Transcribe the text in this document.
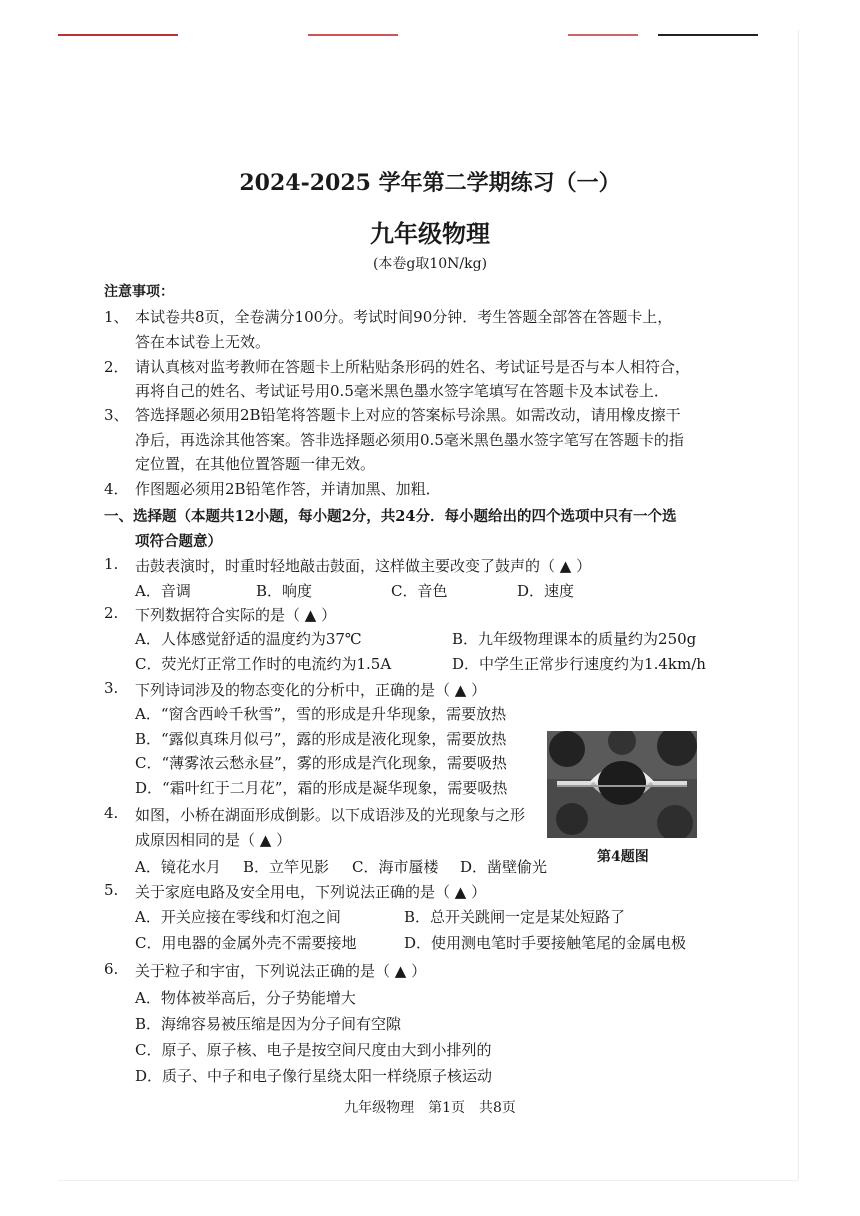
2024-2025 学年第二学期练习（一）
九年级物理
(本卷g取10N/kg)
注意事项：
1、 本试卷共8页，全卷满分100分。考试时间90分钟．考生答题全部答在答题卡上，
答在本试卷上无效。
2． 请认真核对监考教师在答题卡上所粘贴条形码的姓名、考试证号是否与本人相符合，
再将自己的姓名、考试证号用0.5毫米黑色墨水签字笔填写在答题卡及本试卷上．
3、 答选择题必须用2B铅笔将答题卡上对应的答案标号涂黑。如需改动，请用橡皮擦干
净后，再选涂其他答案。答非选择题必须用0.5毫米黑色墨水签字笔写在答题卡的指
定位置，在其他位置答题一律无效。
4． 作图题必须用2B铅笔作答，并请加黑、加粗．
一、选择题（本题共12小题，每小题2分，共24分．每小题给出的四个选项中只有一个选
项符合题意）
1. 击鼓表演时，时重时轻地敲击鼓面，这样做主要改变了鼓声的（ ▲ ）
A．音调	B．响度	C．音色	D．速度
2. 下列数据符合实际的是（ ▲ ）
A．人体感觉舒适的温度约为37℃	B．九年级物理课本的质量约为250g
C．荧光灯正常工作时的电流约为1.5A	D．中学生正常步行速度约为1.4km/h
3. 下列诗词涉及的物态变化的分析中，正确的是（ ▲ ）
A．“窗含西岭千秋雪”，雪的形成是升华现象，需要放热
B．“露似真珠月似弓”，露的形成是液化现象，需要放热
C．“薄雾浓云愁永昼”，雾的形成是汽化现象，需要吸热
D．“霜叶红于二月花”，霜的形成是凝华现象，需要吸热
4. 如图，小桥在湖面形成倒影。以下成语涉及的光现象与之形
成原因相同的是（ ▲ ）
A．镜花水月 B．立竿见影 C．海市蜃楼 D．凿壁偷光
第4题图
5. 关于家庭电路及安全用电，下列说法正确的是（ ▲ ）
A．开关应接在零线和灯泡之间	B．总开关跳闸一定是某处短路了
C．用电器的金属外壳不需要接地	D．使用测电笔时手要接触笔尾的金属电极
6. 关于粒子和宇宙，下列说法正确的是（ ▲ ）
A．物体被举高后，分子势能增大
B．海绵容易被压缩是因为分子间有空隙
C．原子、原子核、电子是按空间尺度由大到小排列的
D．质子、中子和电子像行星绕太阳一样绕原子核运动
九年级物理　第1页　共8页
